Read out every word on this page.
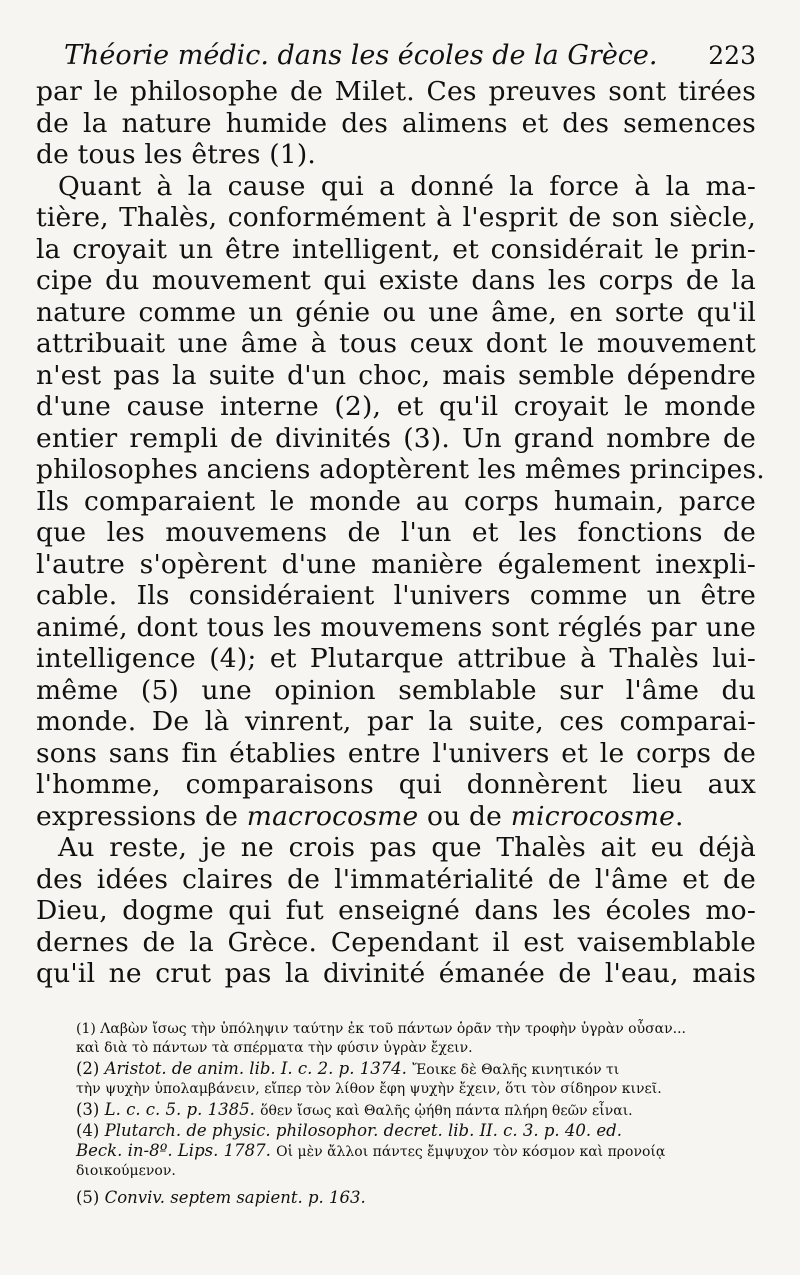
Théorie médic. dans les écoles de la Grèce. 223
par le philosophe de Milet. Ces preuves sont tirées
de la nature humide des alimens et des semences
de tous les êtres (1).
Quant à la cause qui a donné la force à la ma-
tière, Thalès, conformément à l'esprit de son siècle,
la croyait un être intelligent, et considérait le prin-
cipe du mouvement qui existe dans les corps de la
nature comme un génie ou une âme, en sorte qu'il
attribuait une âme à tous ceux dont le mouvement
n'est pas la suite d'un choc, mais semble dépendre
d'une cause interne (2), et qu'il croyait le monde
entier rempli de divinités (3). Un grand nombre de
philosophes anciens adoptèrent les mêmes principes.
Ils comparaient le monde au corps humain, parce
que les mouvemens de l'un et les fonctions de
l'autre s'opèrent d'une manière également inexpli-
cable. Ils considéraient l'univers comme un être
animé, dont tous les mouvemens sont réglés par une
intelligence (4); et Plutarque attribue à Thalès lui-
même (5) une opinion semblable sur l'âme du
monde. De là vinrent, par la suite, ces comparai-
sons sans fin établies entre l'univers et le corps de
l'homme, comparaisons qui donnèrent lieu aux
expressions de macrocosme ou de microcosme.
Au reste, je ne crois pas que Thalès ait eu déjà
des idées claires de l'immatérialité de l'âme et de
Dieu, dogme qui fut enseigné dans les écoles mo-
dernes de la Grèce. Cependant il est vaisemblable
qu'il ne crut pas la divinité émanée de l'eau, mais
(1) Λαβὼν ἴσως τὴν ὑπόληψιν ταύτην ἐκ τοῦ πάντων ὁρᾶν τὴν τροφὴν ὑγρὰν οὖσαν...
καὶ διὰ τὸ πάντων τὰ σπέρματα τὴν φύσιν ὑγρὰν ἔχειν.
(2) Aristot. de anim. lib. I. c. 2. p. 1374. Ἔοικε δὲ Θαλῆς κινητικόν τι
τὴν ψυχὴν ὑπολαμβάνειν, εἴπερ τὸν λίθον ἔφη ψυχὴν ἔχειν, ὅτι τὸν σίδηρον κινεῖ.
(3) L. c. c. 5. p. 1385. ὅθεν ἴσως καὶ Θαλῆς ᾠήθη πάντα πλήρη θεῶν εἶναι.
(4) Plutarch. de physic. philosophor. decret. lib. II. c. 3. p. 40. ed.
Beck. in-8º. Lips. 1787. Οἱ μὲν ἄλλοι πάντες ἔμψυχον τὸν κόσμον καὶ προνοίᾳ
διοικούμενον.
(5) Conviv. septem sapient. p. 163.
